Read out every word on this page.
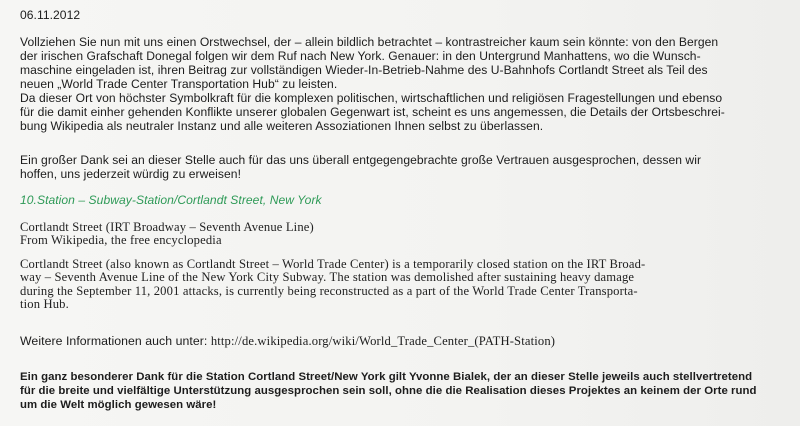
06.11.2012

Vollziehen Sie nun mit uns einen Orstwechsel, der – allein bildlich betrachtet – kontrastreicher kaum sein könnte: von den Bergen
der irischen Grafschaft Donegal folgen wir dem Ruf nach New York. Genauer: in den Untergrund Manhattens, wo die Wunsch-
maschine eingeladen ist, ihren Beitrag zur vollständigen Wieder-In-Betrieb-Nahme des U-Bahnhofs Cortlandt Street als Teil des
neuen „World Trade Center Transportation Hub“ zu leisten.
Da dieser Ort von höchster Symbolkraft für die komplexen politischen, wirtschaftlichen und religiösen Fragestellungen und ebenso
für die damit einher gehenden Konflikte unserer globalen Gegenwart ist, scheint es uns angemessen, die Details der Ortsbeschrei-
bung Wikipedia als neutraler Instanz und alle weiteren Assoziationen Ihnen selbst zu überlassen.

Ein großer Dank sei an dieser Stelle auch für das uns überall entgegengebrachte große Vertrauen ausgesprochen, dessen wir
hoffen, uns jederzeit würdig zu erweisen!

10.Station – Subway-Station/Cortlandt Street, New York

Cortlandt Street (IRT Broadway – Seventh Avenue Line)
From Wikipedia, the free encyclopedia

Cortlandt Street (also known as Cortlandt Street – World Trade Center) is a temporarily closed station on the IRT Broad-
way – Seventh Avenue Line of the New York City Subway. The station was demolished after sustaining heavy damage
during the September 11, 2001 attacks, is currently being reconstructed as a part of the World Trade Center Transporta-
tion Hub.

Weitere Informationen auch unter: http://de.wikipedia.org/wiki/World_Trade_Center_(PATH-Station)

Ein ganz besonderer Dank für die Station Cortland Street/New York gilt Yvonne Bialek, der an dieser Stelle jeweils auch stellvertretend
für die breite und vielfältige Unterstützung ausgesprochen sein soll, ohne die die Realisation dieses Projektes an keinem der Orte rund
um die Welt möglich gewesen wäre!
